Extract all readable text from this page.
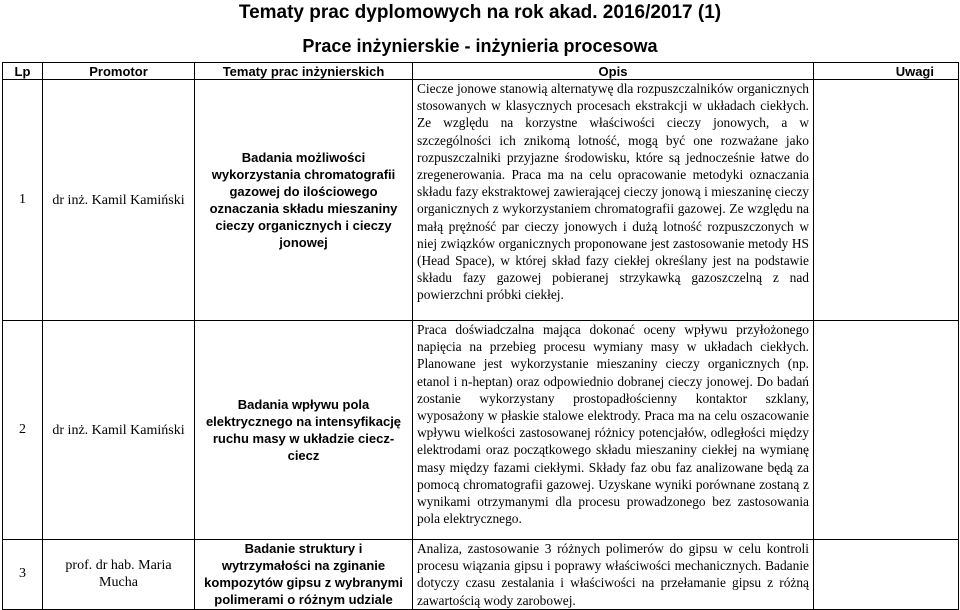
Tematy prac dyplomowych na rok akad. 2016/2017 (1)
Prace inżynierskie - inżynieria procesowa
Lp	Promotor	Tematy prac inżynierskich	Opis	Uwagi
1	dr inż. Kamil Kamiński	Badania możliwości wykorzystania chromatografii gazowej do ilościowego oznaczania składu mieszaniny cieczy organicznych i cieczy jonowej	Ciecze jonowe stanowią alternatywę dla rozpuszczalników organicznych stosowanych w klasycznych procesach ekstrakcji w układach ciekłych. Ze względu na korzystne właściwości cieczy jonowych, a w szczególności ich znikomą lotność, mogą być one rozważane jako rozpuszczalniki przyjazne środowisku, które są jednocześnie łatwe do zregenerowania. Praca ma na celu opracowanie metodyki oznaczania składu fazy ekstraktowej zawierającej cieczy jonową i mieszaninę cieczy organicznych z wykorzystaniem chromatografii gazowej. Ze względu na małą prężność par cieczy jonowych i dużą lotność rozpuszczonych w niej związków organicznych proponowane jest zastosowanie metody HS (Head Space), w której skład fazy ciekłej określany jest na podstawie składu fazy gazowej pobieranej strzykawką gazoszczelną z nad powierzchni próbki ciekłej.	
2	dr inż. Kamil Kamiński	Badania wpływu pola elektrycznego na intensyfikację ruchu masy w układzie ciecz-ciecz	Praca doświadczalna mająca dokonać oceny wpływu przyłożonego napięcia na przebieg procesu wymiany masy w układach ciekłych. Planowane jest wykorzystanie mieszaniny cieczy organicznych (np. etanol i n-heptan) oraz odpowiednio dobranej cieczy jonowej. Do badań zostanie wykorzystany prostopadłościenny kontaktor szklany, wyposażony w płaskie stalowe elektrody. Praca ma na celu oszacowanie wpływu wielkości zastosowanej różnicy potencjałów, odległości między elektrodami oraz początkowego składu mieszaniny ciekłej na wymianę masy między fazami ciekłymi. Składy faz obu faz analizowane będą za pomocą chromatografii gazowej. Uzyskane wyniki porównane zostaną z wynikami otrzymanymi dla procesu prowadzonego bez zastosowania pola elektrycznego.	
3	prof. dr hab. Maria Mucha	Badanie struktury i wytrzymałości na zginanie kompozytów gipsu z wybranymi polimerami o różnym udziale	Analiza, zastosowanie 3 różnych polimerów do gipsu w celu kontroli procesu wiązania gipsu i poprawy właściwości mechanicznych. Badanie dotyczy czasu zestalania i właściwości na przełamanie gipsu z różną zawartością wody zarobowej.	
